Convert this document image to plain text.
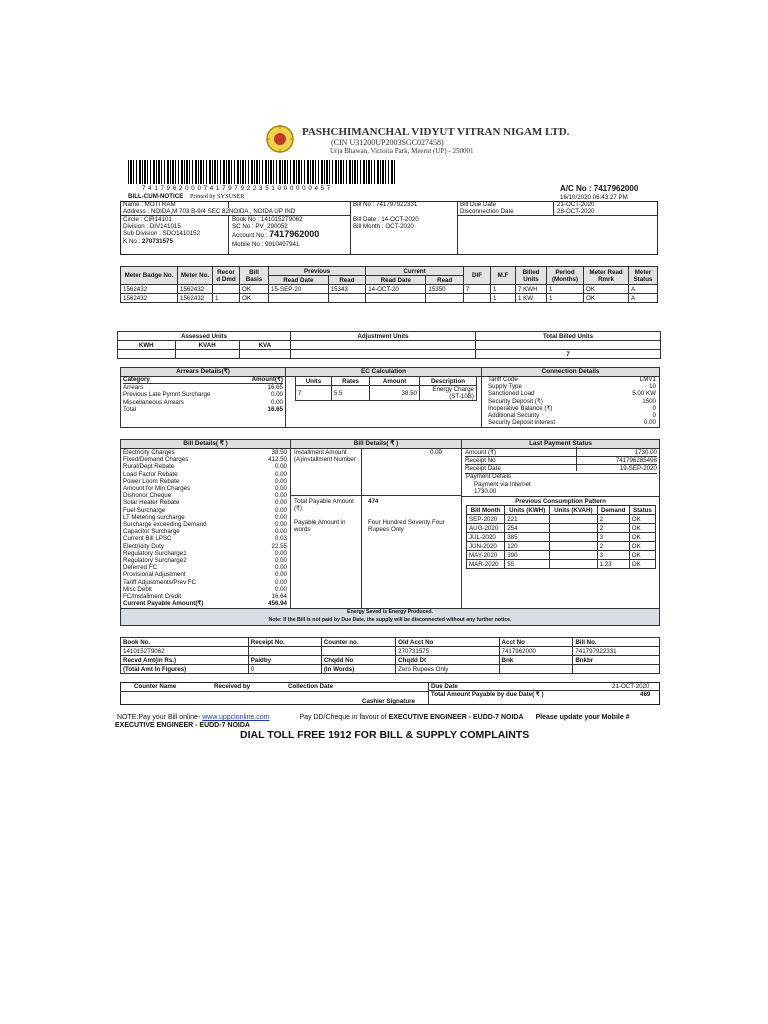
PASHCHIMANCHAL VIDYUT VITRAN NIGAM LTD.
(CIN U31200UP2003SGC027458)
Urja Bhawan, Victoria Park, Meerut (UP) - 250001
7 4 1 7 9 6 2 0 0 0 7 4 1 7 9 7 9 2 2 3 5 1 0 0 0 0 0 0 4 5 7
BILL-CUM-NOTICE Printed by SYSUSER
A/C No : 7417962000
16/10/2020 06:43:27 PM
Name : MOTI RAM
Address : NOIDA,M 703 B-9/4 SEC 82NOIDA , NOIDA UP IND
Circle : CIR14101
Division : DIV141015
Sub Division : SDO1410152
K No : 270731575
Book No : 1410152T9062
SC No : PV_290052
Account No : 7417962000
Mobile No : 9910497941
Bill No : 741797922331
Bill Date : 14-OCT-2020
Bill Month : OCT-2020
Bill Due Date	21-OCT-2020
Disconnection Date	28-OCT-2020
Meter Badge No.	Meter No.	Recor d Dmd	Bill Basis	Previous		Current		DIF	M.F	Billed Units	Period (Months)	Meter Read Rmrk	Meter Status
				Read Date	Read	Read Date	Read						
1562432	1562432		OK	15-SEP-20	15343	14-OCT-20	15350	7	1	7 KWH	1	OK	A
1562432	1562432	1	OK						1	1 KW	1	OK	A
Assessed Units			Adjustment Units	Total Billed Units
KWH	KVAH	KVA		
				7
Arrears Details(₹)	EC Calculation	Connection Details
Category	Amount(₹)
Arrears	16.65
Previous Late Pymnt Surcharge	0.00
Miscellaneous Arrears	0.00
Total	16.65
Units	Rates	Amount	Description
7	5.5	38.50	Energy Charge (ST-10B)
Tariff Code	LMV1
Supply Type	10
Sanctioned Load	5.00 KW
Security Deposit (₹)	1500
Inoperative Balance (₹)	0
Additional Security	0
Security Deposit interest	0.00
Bill Details( ₹ )	Bill Details( ₹ )	Last Payment Status
Electricity Charges	38.50
Fixed/Demand Charges	412.50
Rural/Dept Rebate	0.00
Load Factor Rebate	0.00
Power Loom Rebate	0.00
Amount for Min Charges	0.00
Dishonor Cheque	0.00
Solar Heater Rebate	0.00
Fuel Surcharge	0.00
LT Metering surcharge	0.00
Surcharge exceeding Demand	0.00
Capacitor Surcharge	0.00
Current Bill LPSC	0.03
Electricity Duty	22.55
Regulatory Surcharge1	0.00
Regulatory Surcharge2	0.00
Deferred FC	0.00
Provisional Adjustment	0.00
Tariff Adjustments/Prev FC	0.00
Misc Debit	0.00
FC/Installment Credit	16.64
Current Payable Amount(₹)	456.94
Installment Amount (A)Installment Number
0.00
Total Payable Amount (₹)
474
Payable Amount in words
Four Hundred Seventy Four Rupees Only
Amount (₹)	1730.00
Receipt No	741796285498
Receipt Date	19-SEP-2020
Payment Details
Payment via Internet
1730.00
Previous Consumption Pattern
Bill Month	Units (KWH)	Units (KVAH)	Demand	Status
SEP-2020	221		2	OK
AUG-2020	254		2	OK
JUL-2020	385		3	OK
JUN-2020	120		2	OK
MAY-2020	390		3	OK
MAR-2020	55		1.23	OK
Energy Saved is Energy Produced.
Note: If the Bill is not paid by Due Date, the supply will be disconnected without any further notice.
Book No.	Receipt No.	Counter no.	Old Acct No	Acct No	Bill No.
1410152T9062			270731575	7417962000	741797922331
Recvd Amt(in Rs.)	Paidby	Chqdd No	Chqdd Dt	Bnk	Bnkbr
(Total Amt In Figures)	0	(In Words)	Zero Rupees Only		
Counter Name	Received by	Collection Date
Cashier Signature
Due Date	21-OCT-2020
Total Amount Payable by due Date( ₹ )	469
NOTE:Pay your Bill online- www.uppclonline.com	Pay DD/Cheque in favour of EXECUTIVE ENGINEER - EUDD-7 NOIDA Please update your Mobile #
EXECUTIVE ENGINEER - EUDD-7 NOIDA
DIAL TOLL FREE 1912 FOR BILL & SUPPLY COMPLAINTS
